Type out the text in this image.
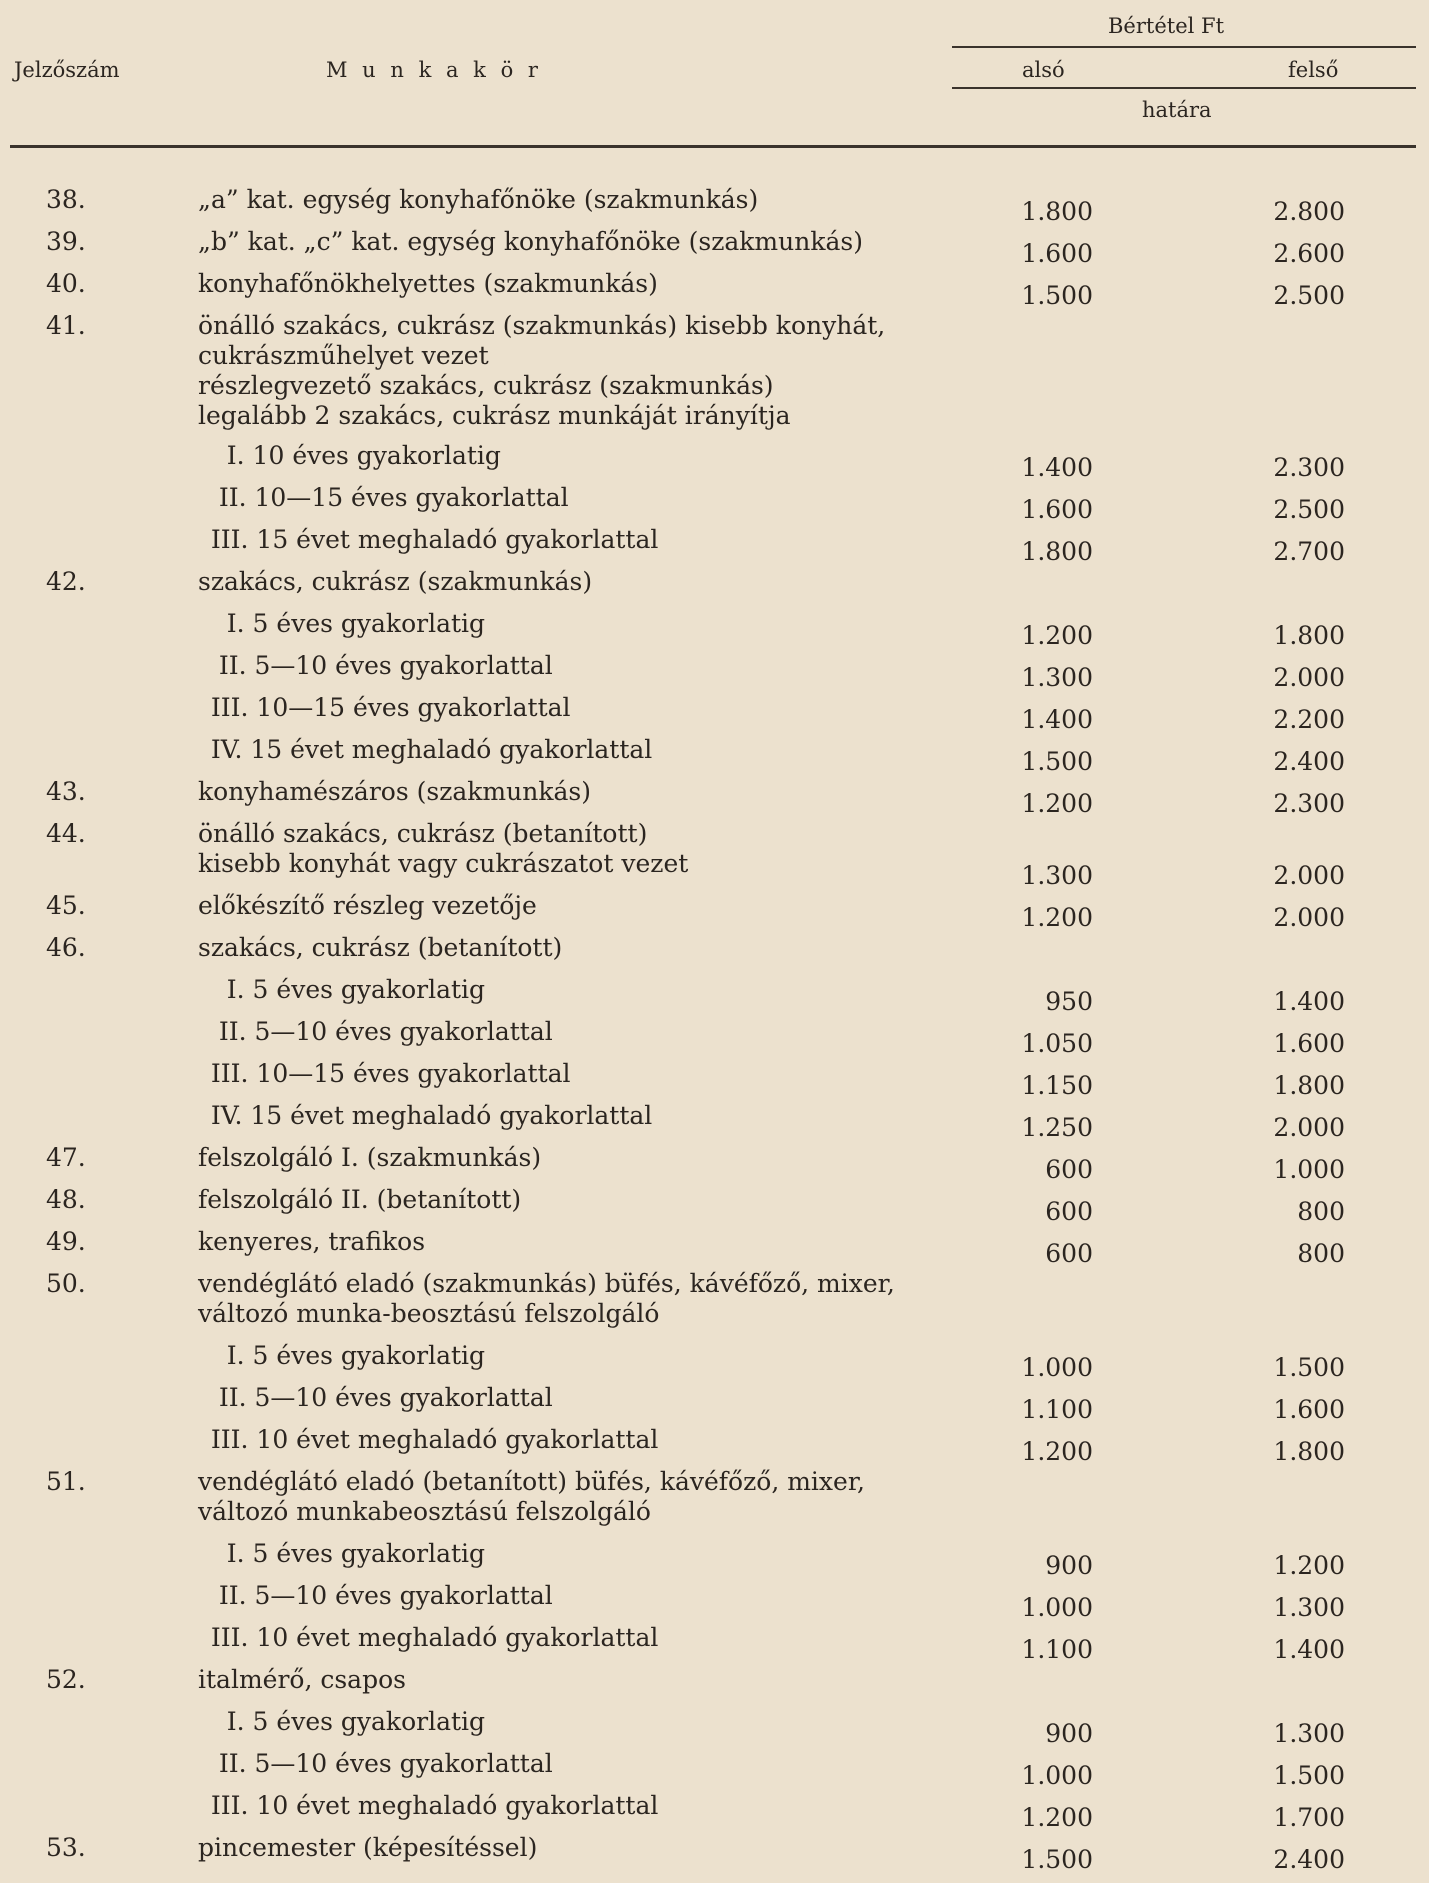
Bértétel Ft
Jelzőszám	M u n k a k ö r	alsó	felső
határa
38.	„a” kat. egység konyhafőnöke (szakmunkás)	1.800	2.800
39.	„b” kat. „c” kat. egység konyhafőnöke (szakmunkás)	1.600	2.600
40.	konyhafőnökhelyettes (szakmunkás)	1.500	2.500
41.	önálló szakács, cukrász (szakmunkás) kisebb konyhát,
cukrászműhelyet vezet
részlegvezető szakács, cukrász (szakmunkás)
legalább 2 szakács, cukrász munkáját irányítja
I. 10 éves gyakorlatig	1.400	2.300
II. 10—15 éves gyakorlattal	1.600	2.500
III. 15 évet meghaladó gyakorlattal	1.800	2.700
42.	szakács, cukrász (szakmunkás)
I. 5 éves gyakorlatig	1.200	1.800
II. 5—10 éves gyakorlattal	1.300	2.000
III. 10—15 éves gyakorlattal	1.400	2.200
IV. 15 évet meghaladó gyakorlattal	1.500	2.400
43.	konyhamészáros (szakmunkás)	1.200	2.300
44.	önálló szakács, cukrász (betanított)
kisebb konyhát vagy cukrászatot vezet	1.300	2.000
45.	előkészítő részleg vezetője	1.200	2.000
46.	szakács, cukrász (betanított)
I. 5 éves gyakorlatig	950	1.400
II. 5—10 éves gyakorlattal	1.050	1.600
III. 10—15 éves gyakorlattal	1.150	1.800
IV. 15 évet meghaladó gyakorlattal	1.250	2.000
47.	felszolgáló I. (szakmunkás)	600	1.000
48.	felszolgáló II. (betanított)	600	800
49.	kenyeres, trafikos	600	800
50.	vendéglátó eladó (szakmunkás) büfés, kávéfőző, mixer,
változó munka-beosztású felszolgáló
I. 5 éves gyakorlatig	1.000	1.500
II. 5—10 éves gyakorlattal	1.100	1.600
III. 10 évet meghaladó gyakorlattal	1.200	1.800
51.	vendéglátó eladó (betanított) büfés, kávéfőző, mixer,
változó munkabeosztású felszolgáló
I. 5 éves gyakorlatig	900	1.200
II. 5—10 éves gyakorlattal	1.000	1.300
III. 10 évet meghaladó gyakorlattal	1.100	1.400
52.	italmérő, csapos
I. 5 éves gyakorlatig	900	1.300
II. 5—10 éves gyakorlattal	1.000	1.500
III. 10 évet meghaladó gyakorlattal	1.200	1.700
53.	pincemester (képesítéssel)	1.500	2.400
